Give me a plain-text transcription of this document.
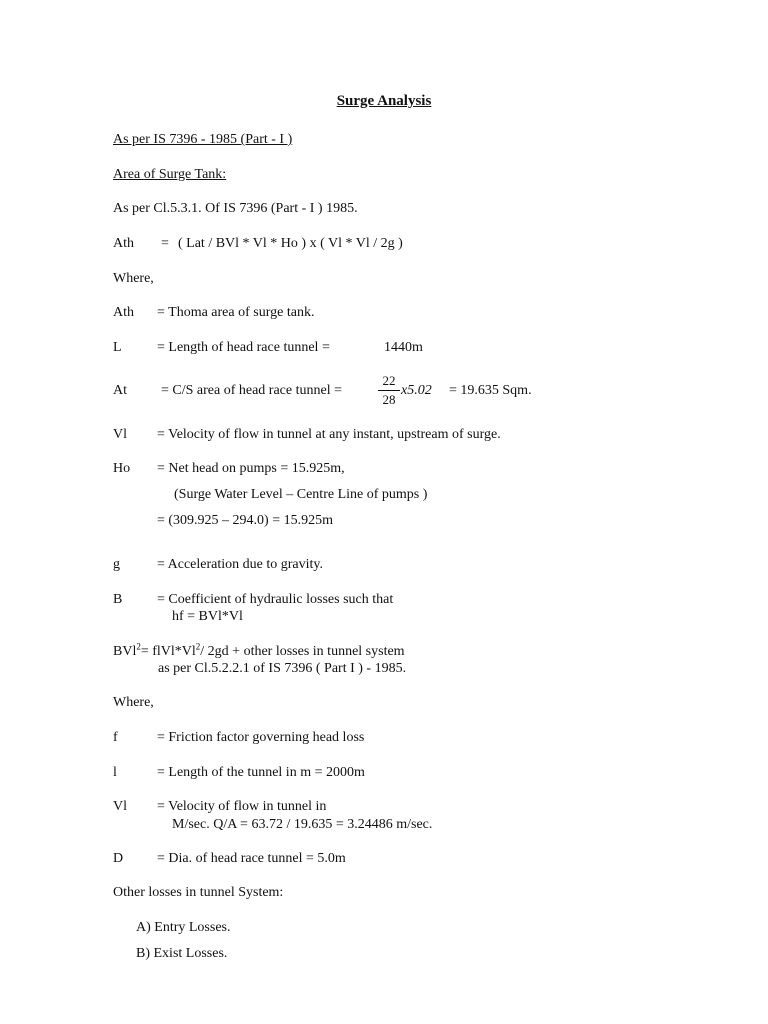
Surge Analysis
As per IS 7396 - 1985 (Part - I )
Area of Surge Tank:
As per Cl.5.3.1. Of IS 7396 (Part - I ) 1985.
Ath	= ( Lat / BVl * Vl * Ho ) x ( Vl * Vl / 2g )
Where,
Ath	= Thoma area of surge tank.
L	= Length of head race tunnel =	1440m
At	= C/S area of head race tunnel =
22
28
x5.02 = 19.635 Sqm.
Vl	= Velocity of flow in tunnel at any instant, upstream of surge.
Ho	= Net head on pumps = 15.925m,
(Surge Water Level – Centre Line of pumps )
= (309.925 – 294.0) = 15.925m
g	= Acceleration due to gravity.
B	= Coefficient of hydraulic losses such that
hf = BVl*Vl
$BVl^2= flVl*Vl^2/$ 2gd + other losses in tunnel system
as per Cl.5.2.2.1 of IS 7396 ( Part I ) - 1985.
Where,
f	= Friction factor governing head loss
l	= Length of the tunnel in m = 2000m
Vl	= Velocity of flow in tunnel in
M/sec. Q/A = 63.72 / 19.635 = 3.24486 m/sec.
D	= Dia. of head race tunnel = 5.0m
Other losses in tunnel System:
A) Entry Losses.
B) Exist Losses.
